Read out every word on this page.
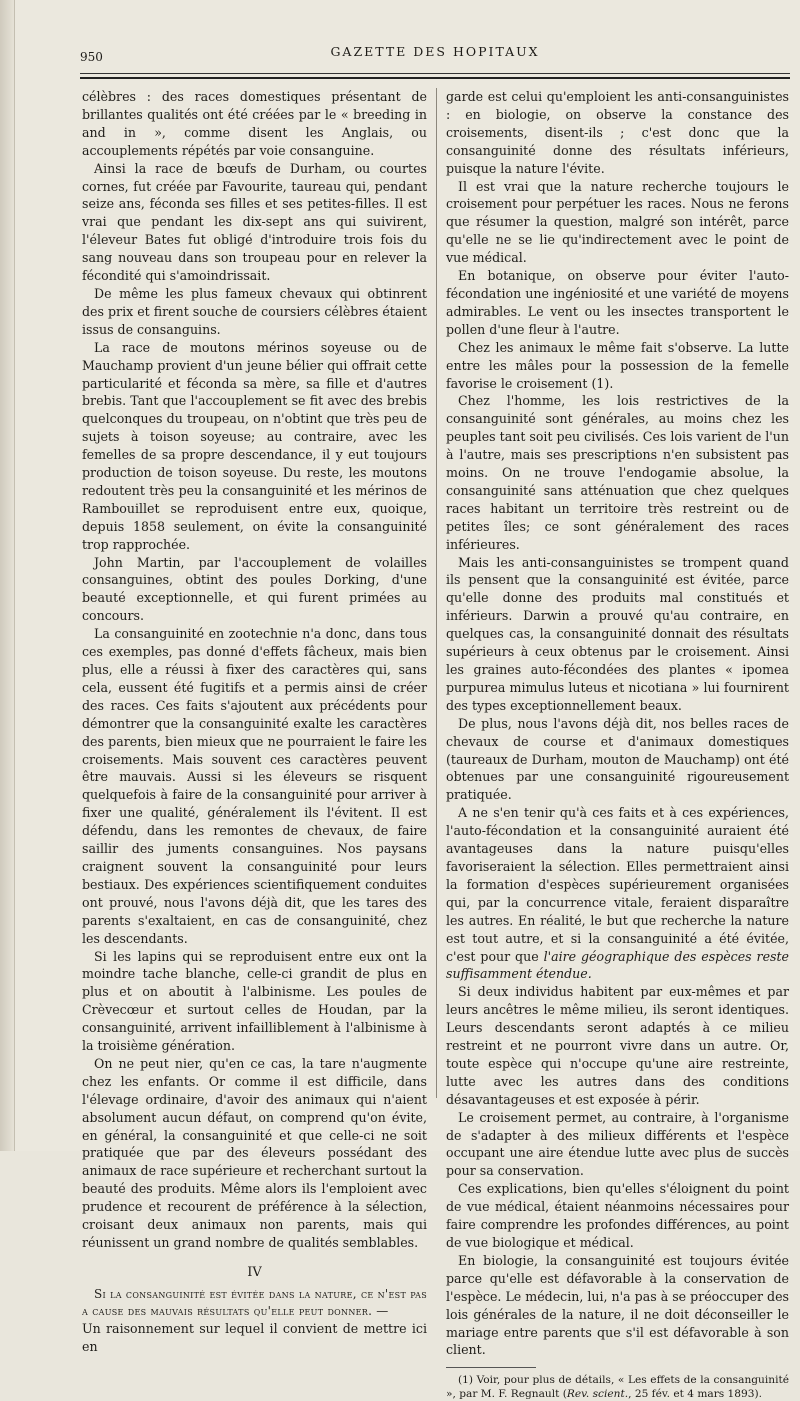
950	GAZETTE DES HOPITAUX

célèbres : des races domestiques présentant de brillantes qualités ont été créées par le « breeding in and in », comme disent les Anglais, ou accouplements répétés par voie consanguine.

Ainsi la race de bœufs de Durham, ou courtes cornes, fut créée par Favourite, taureau qui, pendant seize ans, féconda ses filles et ses petites-filles. Il est vrai que pendant les dix-sept ans qui suivirent, l'éleveur Bates fut obligé d'introduire trois fois du sang nouveau dans son troupeau pour en relever la fécondité qui s'amoindrissait.

De même les plus fameux chevaux qui obtinrent des prix et firent souche de coursiers célèbres étaient issus de consanguins.

La race de moutons mérinos soyeuse ou de Mauchamp provient d'un jeune bélier qui offrait cette particularité et féconda sa mère, sa fille et d'autres brebis. Tant que l'accouplement se fit avec des brebis quelconques du troupeau, on n'obtint que très peu de sujets à toison soyeuse; au contraire, avec les femelles de sa propre descendance, il y eut toujours production de toison soyeuse. Du reste, les moutons redoutent très peu la consanguinité et les mérinos de Rambouillet se reproduisent entre eux, quoique, depuis 1858 seulement, on évite la consanguinité trop rapprochée.

John Martin, par l'accouplement de volailles consanguines, obtint des poules Dorking, d'une beauté exceptionnelle, et qui furent primées au concours.

La consanguinité en zootechnie n'a donc, dans tous ces exemples, pas donné d'effets fâcheux, mais bien plus, elle a réussi à fixer des caractères qui, sans cela, eussent été fugitifs et a permis ainsi de créer des races. Ces faits s'ajoutent aux précédents pour démontrer que la consanguinité exalte les caractères des parents, bien mieux que ne pourraient le faire les croisements. Mais souvent ces caractères peuvent être mauvais. Aussi si les éleveurs se risquent quelquefois à faire de la consanguinité pour arriver à fixer une qualité, généralement ils l'évitent. Il est défendu, dans les remontes de chevaux, de faire saillir des juments consanguines. Nos paysans craignent souvent la consanguinité pour leurs bestiaux. Des expériences scientifiquement conduites ont prouvé, nous l'avons déjà dit, que les tares des parents s'exaltaient, en cas de consanguinité, chez les descendants.

Si les lapins qui se reproduisent entre eux ont la moindre tache blanche, celle-ci grandit de plus en plus et on aboutit à l'albinisme. Les poules de Crèvecœur et surtout celles de Houdan, par la consanguinité, arrivent infailliblement à l'albinisme à la troisième génération.

On ne peut nier, qu'en ce cas, la tare n'augmente chez les enfants. Or comme il est difficile, dans l'élevage ordinaire, d'avoir des animaux qui n'aient absolument aucun défaut, on comprend qu'on évite, en général, la consanguinité et que celle-ci ne soit pratiquée que par des éleveurs possédant des animaux de race supérieure et recherchant surtout la beauté des produits. Même alors ils l'emploient avec prudence et recourent de préférence à la sélection, croisant deux animaux non parents, mais qui réunissent un grand nombre de qualités semblables.

IV

Si la consanguinité est évitée dans la nature, ce n'est pas a cause des mauvais résultats qu'elle peut donner. —

Un raisonnement sur lequel il convient de mettre ici en

garde est celui qu'emploient les anti-consanguinistes : en biologie, on observe la constance des croisements, disent-ils ; c'est donc que la consanguinité donne des résultats inférieurs, puisque la nature l'évite.

Il est vrai que la nature recherche toujours le croisement pour perpétuer les races. Nous ne ferons que résumer la question, malgré son intérêt, parce qu'elle ne se lie qu'indirectement avec le point de vue médical.

En botanique, on observe pour éviter l'auto-fécondation une ingéniosité et une variété de moyens admirables. Le vent ou les insectes transportent le pollen d'une fleur à l'autre.

Chez les animaux le même fait s'observe. La lutte entre les mâles pour la possession de la femelle favorise le croisement (1).

Chez l'homme, les lois restrictives de la consanguinité sont générales, au moins chez les peuples tant soit peu civilisés. Ces lois varient de l'un à l'autre, mais ses prescriptions n'en subsistent pas moins. On ne trouve l'endogamie absolue, la consanguinité sans atténuation que chez quelques races habitant un territoire très restreint ou de petites îles; ce sont généralement des races inférieures.

Mais les anti-consanguinistes se trompent quand ils pensent que la consanguinité est évitée, parce qu'elle donne des produits mal constitués et inférieurs. Darwin a prouvé qu'au contraire, en quelques cas, la consanguinité donnait des résultats supérieurs à ceux obtenus par le croisement. Ainsi les graines auto-fécondées des plantes « ipomea purpurea mimulus luteus et nicotiana » lui fournirent des types exceptionnellement beaux.

De plus, nous l'avons déjà dit, nos belles races de chevaux de course et d'animaux domestiques (taureaux de Durham, mouton de Mauchamp) ont été obtenues par une consanguinité rigoureusement pratiquée.

A ne s'en tenir qu'à ces faits et à ces expériences, l'auto-fécondation et la consanguinité auraient été avantageuses dans la nature puisqu'elles favoriseraient la sélection. Elles permettraient ainsi la formation d'espèces supérieurement organisées qui, par la concurrence vitale, feraient disparaître les autres. En réalité, le but que recherche la nature est tout autre, et si la consanguinité a été évitée, c'est pour que l'aire géographique des espèces reste suffisamment étendue.

Si deux individus habitent par eux-mêmes et par leurs ancêtres le même milieu, ils seront identiques. Leurs descendants seront adaptés à ce milieu restreint et ne pourront vivre dans un autre. Or, toute espèce qui n'occupe qu'une aire restreinte, lutte avec les autres dans des conditions désavantageuses et est exposée à périr.

Le croisement permet, au contraire, à l'organisme de s'adapter à des milieux différents et l'espèce occupant une aire étendue lutte avec plus de succès pour sa conservation.

Ces explications, bien qu'elles s'éloignent du point de vue médical, étaient néanmoins nécessaires pour faire comprendre les profondes différences, au point de vue biologique et médical.

En biologie, la consanguinité est toujours évitée parce qu'elle est défavorable à la conservation de l'espèce. Le médecin, lui, n'a pas à se préoccuper des lois générales de la nature, il ne doit déconseiller le mariage entre parents que s'il est défavorable à son client.

(1) Voir, pour plus de détails, « Les effets de la consanguinité », par M. F. Regnault (Rev. scient., 25 fév. et 4 mars 1893).
